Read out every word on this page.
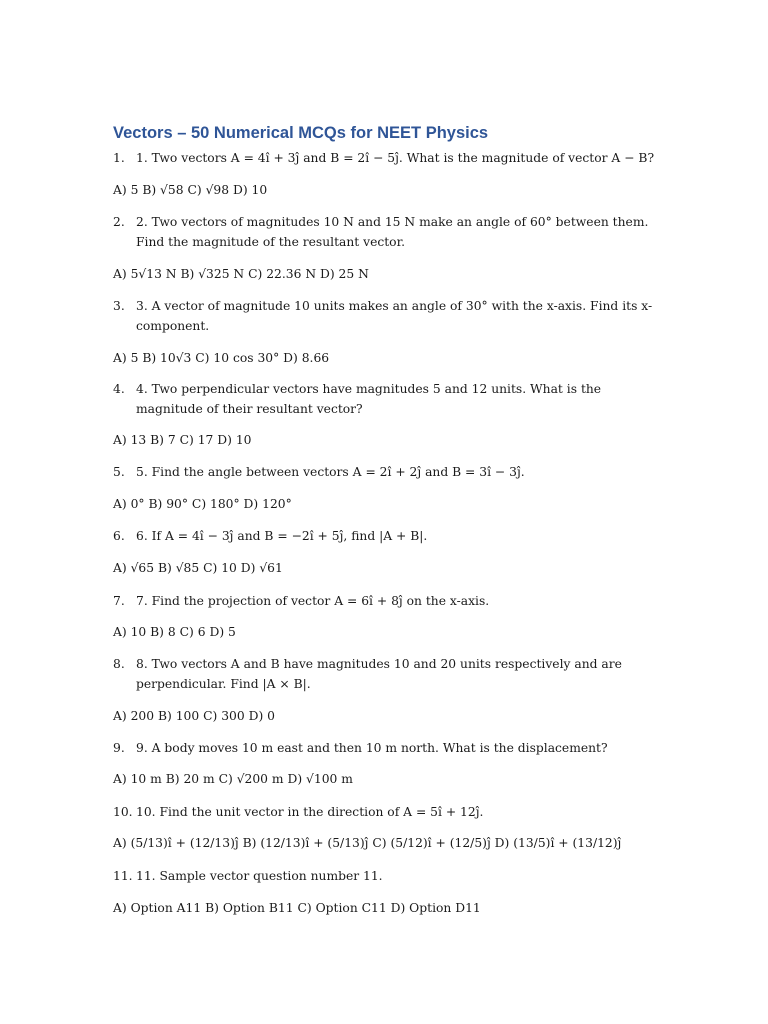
Vectors – 50 Numerical MCQs for NEET Physics
1. 1. Two vectors A = 4î + 3ĵ and B = 2î − 5ĵ. What is the magnitude of vector A − B?
A) 5 B) √58 C) √98 D) 10
2. 2. Two vectors of magnitudes 10 N and 15 N make an angle of 60° between them. Find the magnitude of the resultant vector.
A) 5√13 N B) √325 N C) 22.36 N D) 25 N
3. 3. A vector of magnitude 10 units makes an angle of 30° with the x-axis. Find its x-component.
A) 5 B) 10√3 C) 10 cos 30° D) 8.66
4. 4. Two perpendicular vectors have magnitudes 5 and 12 units. What is the magnitude of their resultant vector?
A) 13 B) 7 C) 17 D) 10
5. 5. Find the angle between vectors A = 2î + 2ĵ and B = 3î − 3ĵ.
A) 0° B) 90° C) 180° D) 120°
6. 6. If A = 4î − 3ĵ and B = −2î + 5ĵ, find |A + B|.
A) √65 B) √85 C) 10 D) √61
7. 7. Find the projection of vector A = 6î + 8ĵ on the x-axis.
A) 10 B) 8 C) 6 D) 5
8. 8. Two vectors A and B have magnitudes 10 and 20 units respectively and are perpendicular. Find |A × B|.
A) 200 B) 100 C) 300 D) 0
9. 9. A body moves 10 m east and then 10 m north. What is the displacement?
A) 10 m B) 20 m C) √200 m D) √100 m
10. 10. Find the unit vector in the direction of A = 5î + 12ĵ.
A) (5/13)î + (12/13)ĵ B) (12/13)î + (5/13)ĵ C) (5/12)î + (12/5)ĵ D) (13/5)î + (13/12)ĵ
11. 11. Sample vector question number 11.
A) Option A11 B) Option B11 C) Option C11 D) Option D11
